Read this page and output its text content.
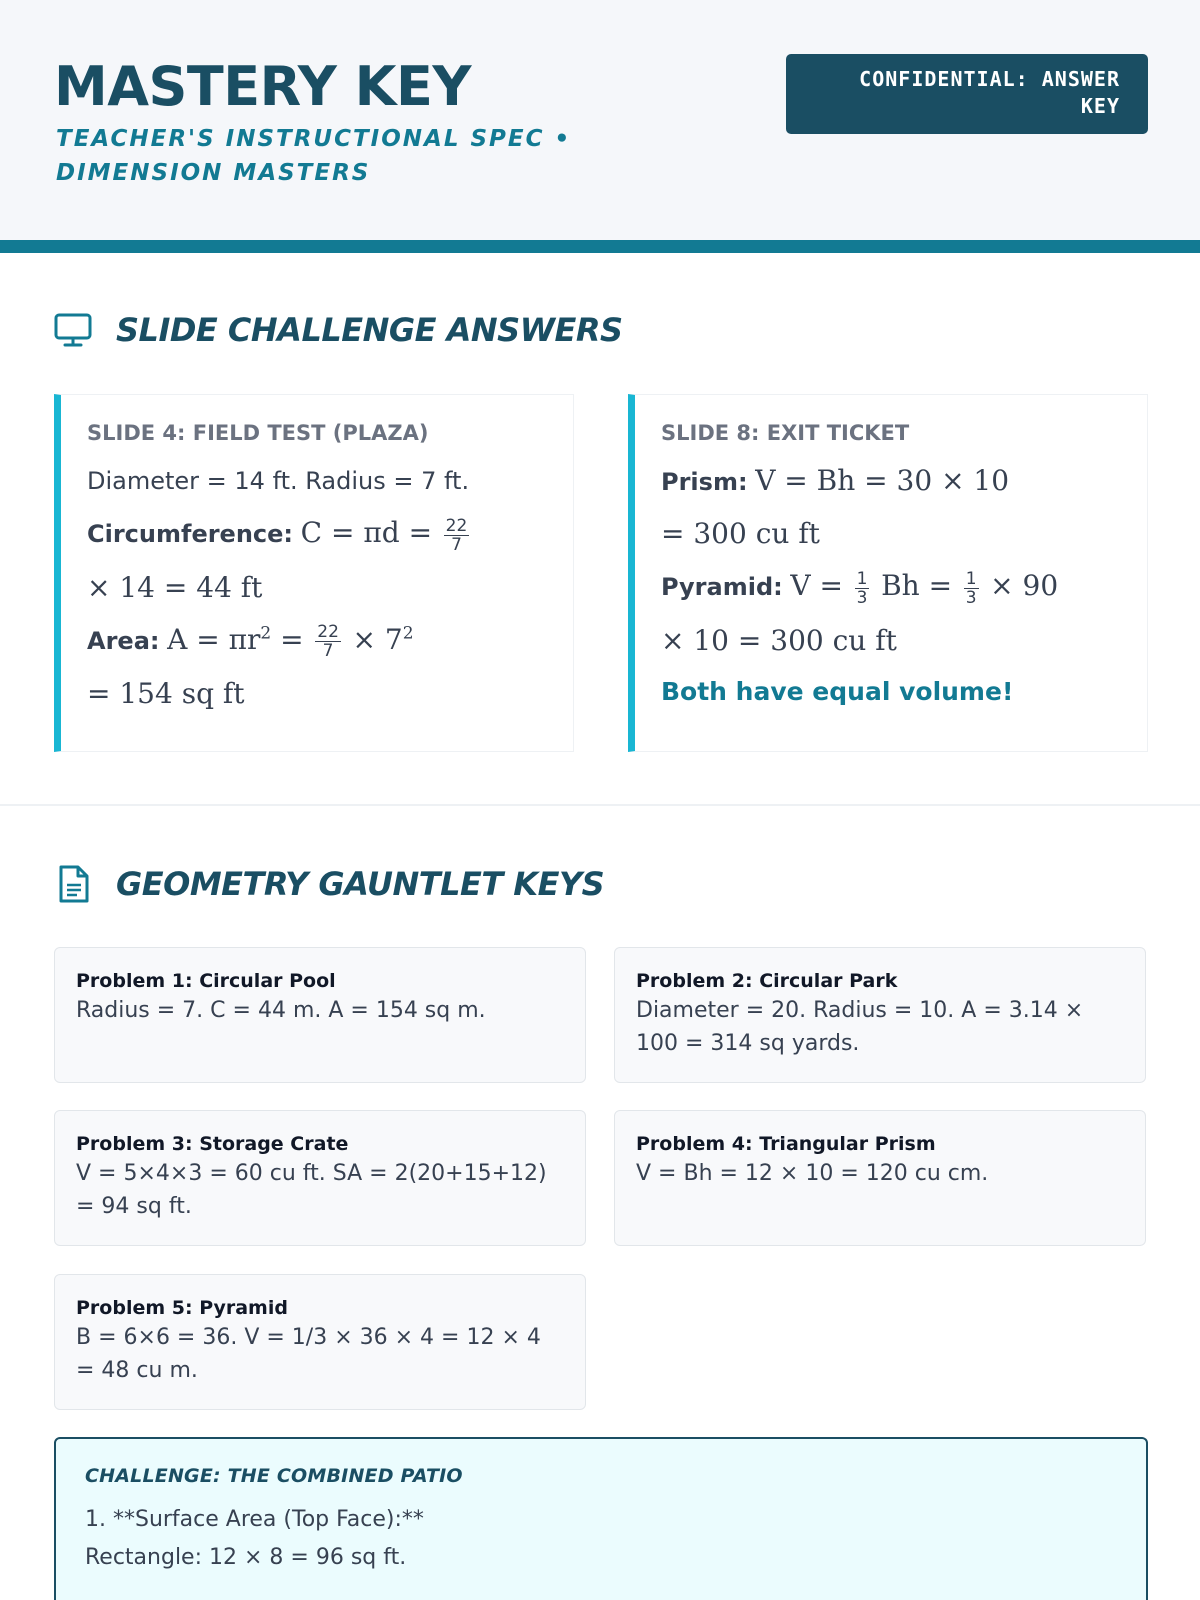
MASTERY KEY
TEACHER'S INSTRUCTIONAL SPEC • DIMENSION MASTERS
CONFIDENTIAL: ANSWER KEY
SLIDE CHALLENGE ANSWERS
SLIDE 4: FIELD TEST (PLAZA)
Diameter = 14 ft. Radius = 7 ft.
Circumference: $C = \pi d = \frac{22}{7}$
× 14 = 44 ft
Area: $A = \pi r^2 = \frac{22}{7} \times 7^2$
= 154 sq ft
SLIDE 8: EXIT TICKET
Prism: V = Bh = 30 × 10
= 300 cu ft
Pyramid: $V = \frac{1}{3}$ $Bh = \frac{1}{3} \times 90$
× 10 = 300 cu ft
Both have equal volume!
GEOMETRY GAUNTLET KEYS
Problem 1: Circular Pool
Radius = 7. C = 44 m. A = 154 sq m.
Problem 2: Circular Park
Diameter = 20. Radius = 10. A = 3.14 × 100 = 314 sq yards.
Problem 3: Storage Crate
V = 5×4×3 = 60 cu ft. SA = 2(20+15+12) = 94 sq ft.
Problem 4: Triangular Prism
V = Bh = 12 × 10 = 120 cu cm.
Problem 5: Pyramid
B = 6×6 = 36. V = 1/3 × 36 × 4 = 12 × 4 = 48 cu m.
CHALLENGE: THE COMBINED PATIO
1. **Surface Area (Top Face):**
Rectangle: 12 × 8 = 96 sq ft.
